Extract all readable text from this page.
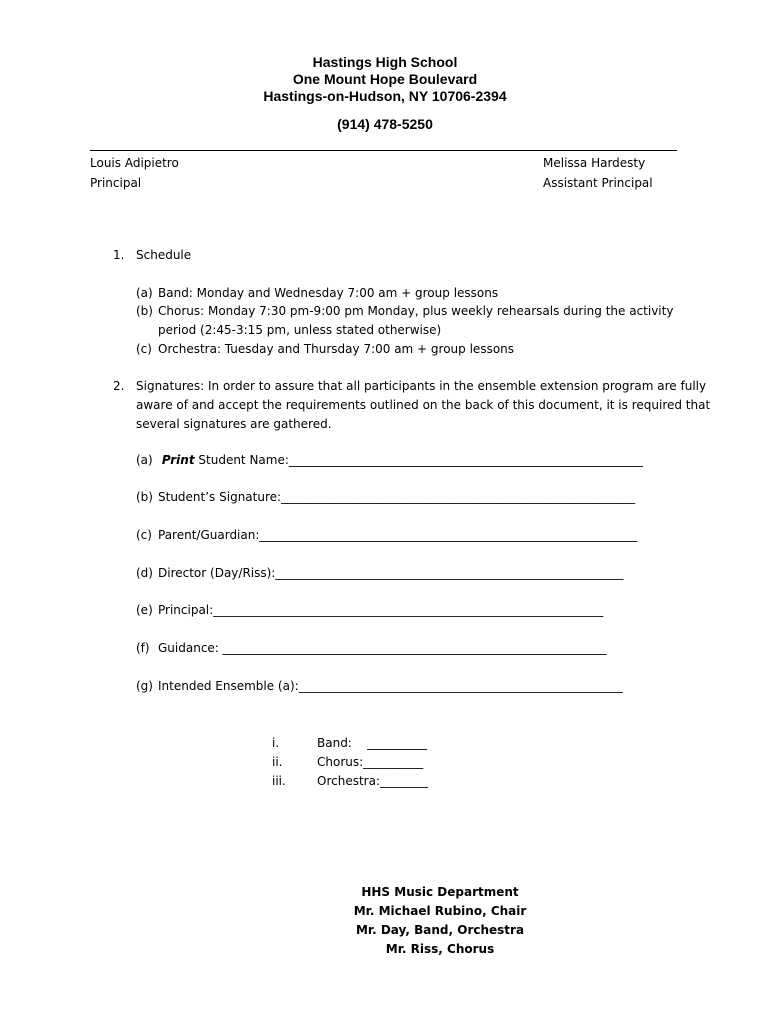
Hastings High School
One Mount Hope Boulevard
Hastings-on-Hudson, NY 10706-2394
(914) 478-5250
Louis Adipietro
Principal
Melissa Hardesty
Assistant Principal
1. Schedule
(a) Band: Monday and Wednesday 7:00 am + group lessons
(b) Chorus: Monday 7:30 pm-9:00 pm Monday, plus weekly rehearsals during the activity
period (2:45-3:15 pm, unless stated otherwise)
(c) Orchestra: Tuesday and Thursday 7:00 am + group lessons
2. Signatures: In order to assure that all participants in the ensemble extension program are fully
aware of and accept the requirements outlined on the back of this document, it is required that
several signatures are gathered.
(a) Print Student Name:___________________________________________________________
(b) Student’s Signature:___________________________________________________________
(c) Parent/Guardian:_______________________________________________________________
(d) Director (Day/Riss):__________________________________________________________
(e) Principal:_________________________________________________________________
(f) Guidance: ________________________________________________________________
(g) Intended Ensemble (a):______________________________________________________
i.	Band:    __________
ii.	Chorus:__________
iii.	Orchestra:________
HHS Music Department
Mr. Michael Rubino, Chair
Mr. Day, Band, Orchestra
Mr. Riss, Chorus
